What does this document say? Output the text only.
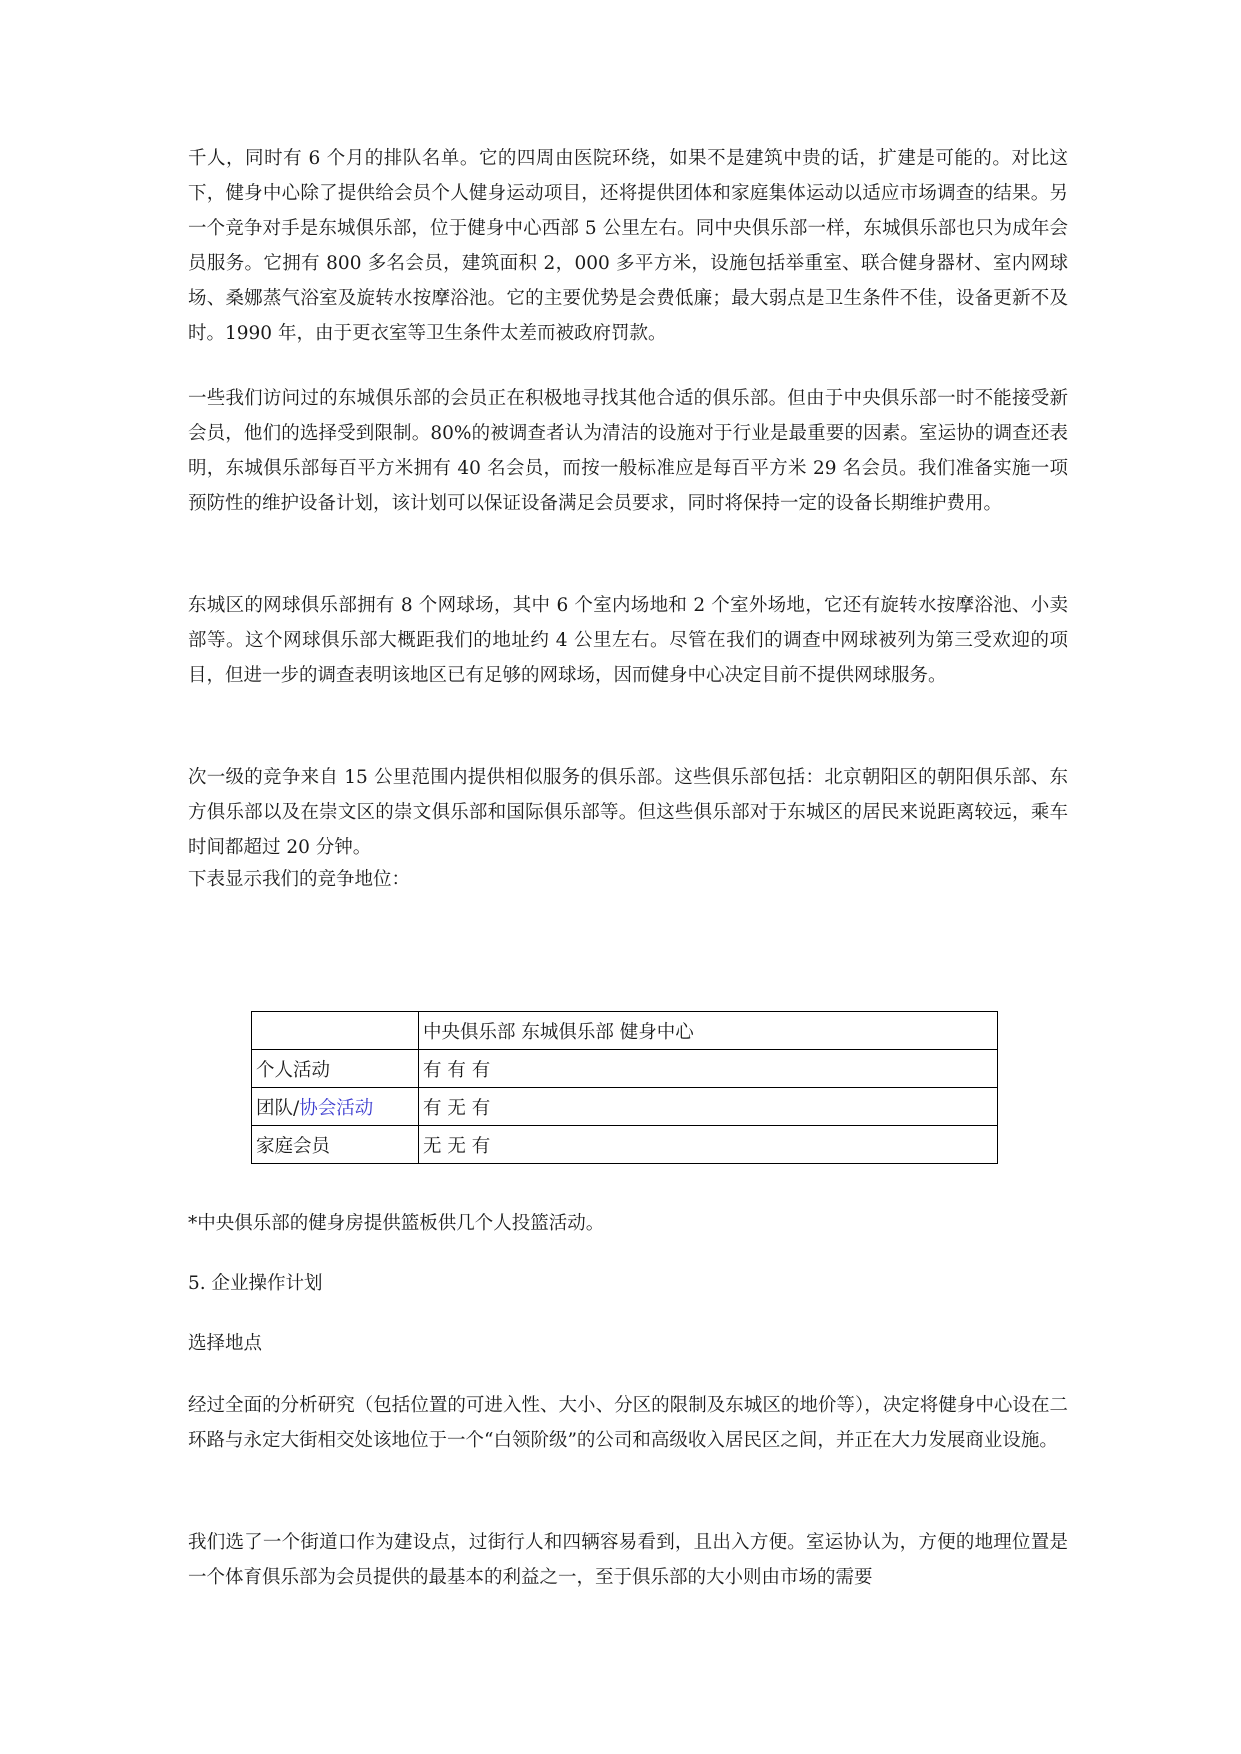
千人，同时有 6 个月的排队名单。它的四周由医院环绕，如果不是建筑中贵的话，扩建是可能的。对比这下，健身中心除了提供给会员个人健身运动项目，还将提供团体和家庭集体运动以适应市场调查的结果。另一个竞争对手是东城俱乐部，位于健身中心西部 5 公里左右。同中央俱乐部一样，东城俱乐部也只为成年会员服务。它拥有 800 多名会员，建筑面积 2，000 多平方米，设施包括举重室、联合健身器材、室内网球场、桑娜蒸气浴室及旋转水按摩浴池。它的主要优势是会费低廉；最大弱点是卫生条件不佳，设备更新不及时。1990 年，由于更衣室等卫生条件太差而被政府罚款。

一些我们访问过的东城俱乐部的会员正在积极地寻找其他合适的俱乐部。但由于中央俱乐部一时不能接受新会员，他们的选择受到限制。80%的被调查者认为清洁的设施对于行业是最重要的因素。室运协的调查还表明，东城俱乐部每百平方米拥有 40 名会员，而按一般标准应是每百平方米 29 名会员。我们准备实施一项预防性的维护设备计划，该计划可以保证设备满足会员要求，同时将保持一定的设备长期维护费用。

东城区的网球俱乐部拥有 8 个网球场，其中 6 个室内场地和 2 个室外场地，它还有旋转水按摩浴池、小卖部等。这个网球俱乐部大概距我们的地址约 4 公里左右。尽管在我们的调查中网球被列为第三受欢迎的项目，但进一步的调查表明该地区已有足够的网球场，因而健身中心决定目前不提供网球服务。

次一级的竞争来自 15 公里范围内提供相似服务的俱乐部。这些俱乐部包括：北京朝阳区的朝阳俱乐部、东方俱乐部以及在崇文区的崇文俱乐部和国际俱乐部等。但这些俱乐部对于东城区的居民来说距离较远，乘车时间都超过 20 分钟。

下表显示我们的竞争地位：

	中央俱乐部 东城俱乐部 健身中心
个人活动	有 有 有
团队/协会活动	有 无 有
家庭会员	无 无 有

*中央俱乐部的健身房提供篮板供几个人投篮活动。

5. 企业操作计划

选择地点

经过全面的分析研究（包括位置的可进入性、大小、分区的限制及东城区的地价等），决定将健身中心设在二环路与永定大街相交处该地位于一个“白领阶级”的公司和高级收入居民区之间，并正在大力发展商业设施。

我们选了一个街道口作为建设点，过街行人和四辆容易看到，且出入方便。室运协认为，方便的地理位置是一个体育俱乐部为会员提供的最基本的利益之一，至于俱乐部的大小则由市场的需要
